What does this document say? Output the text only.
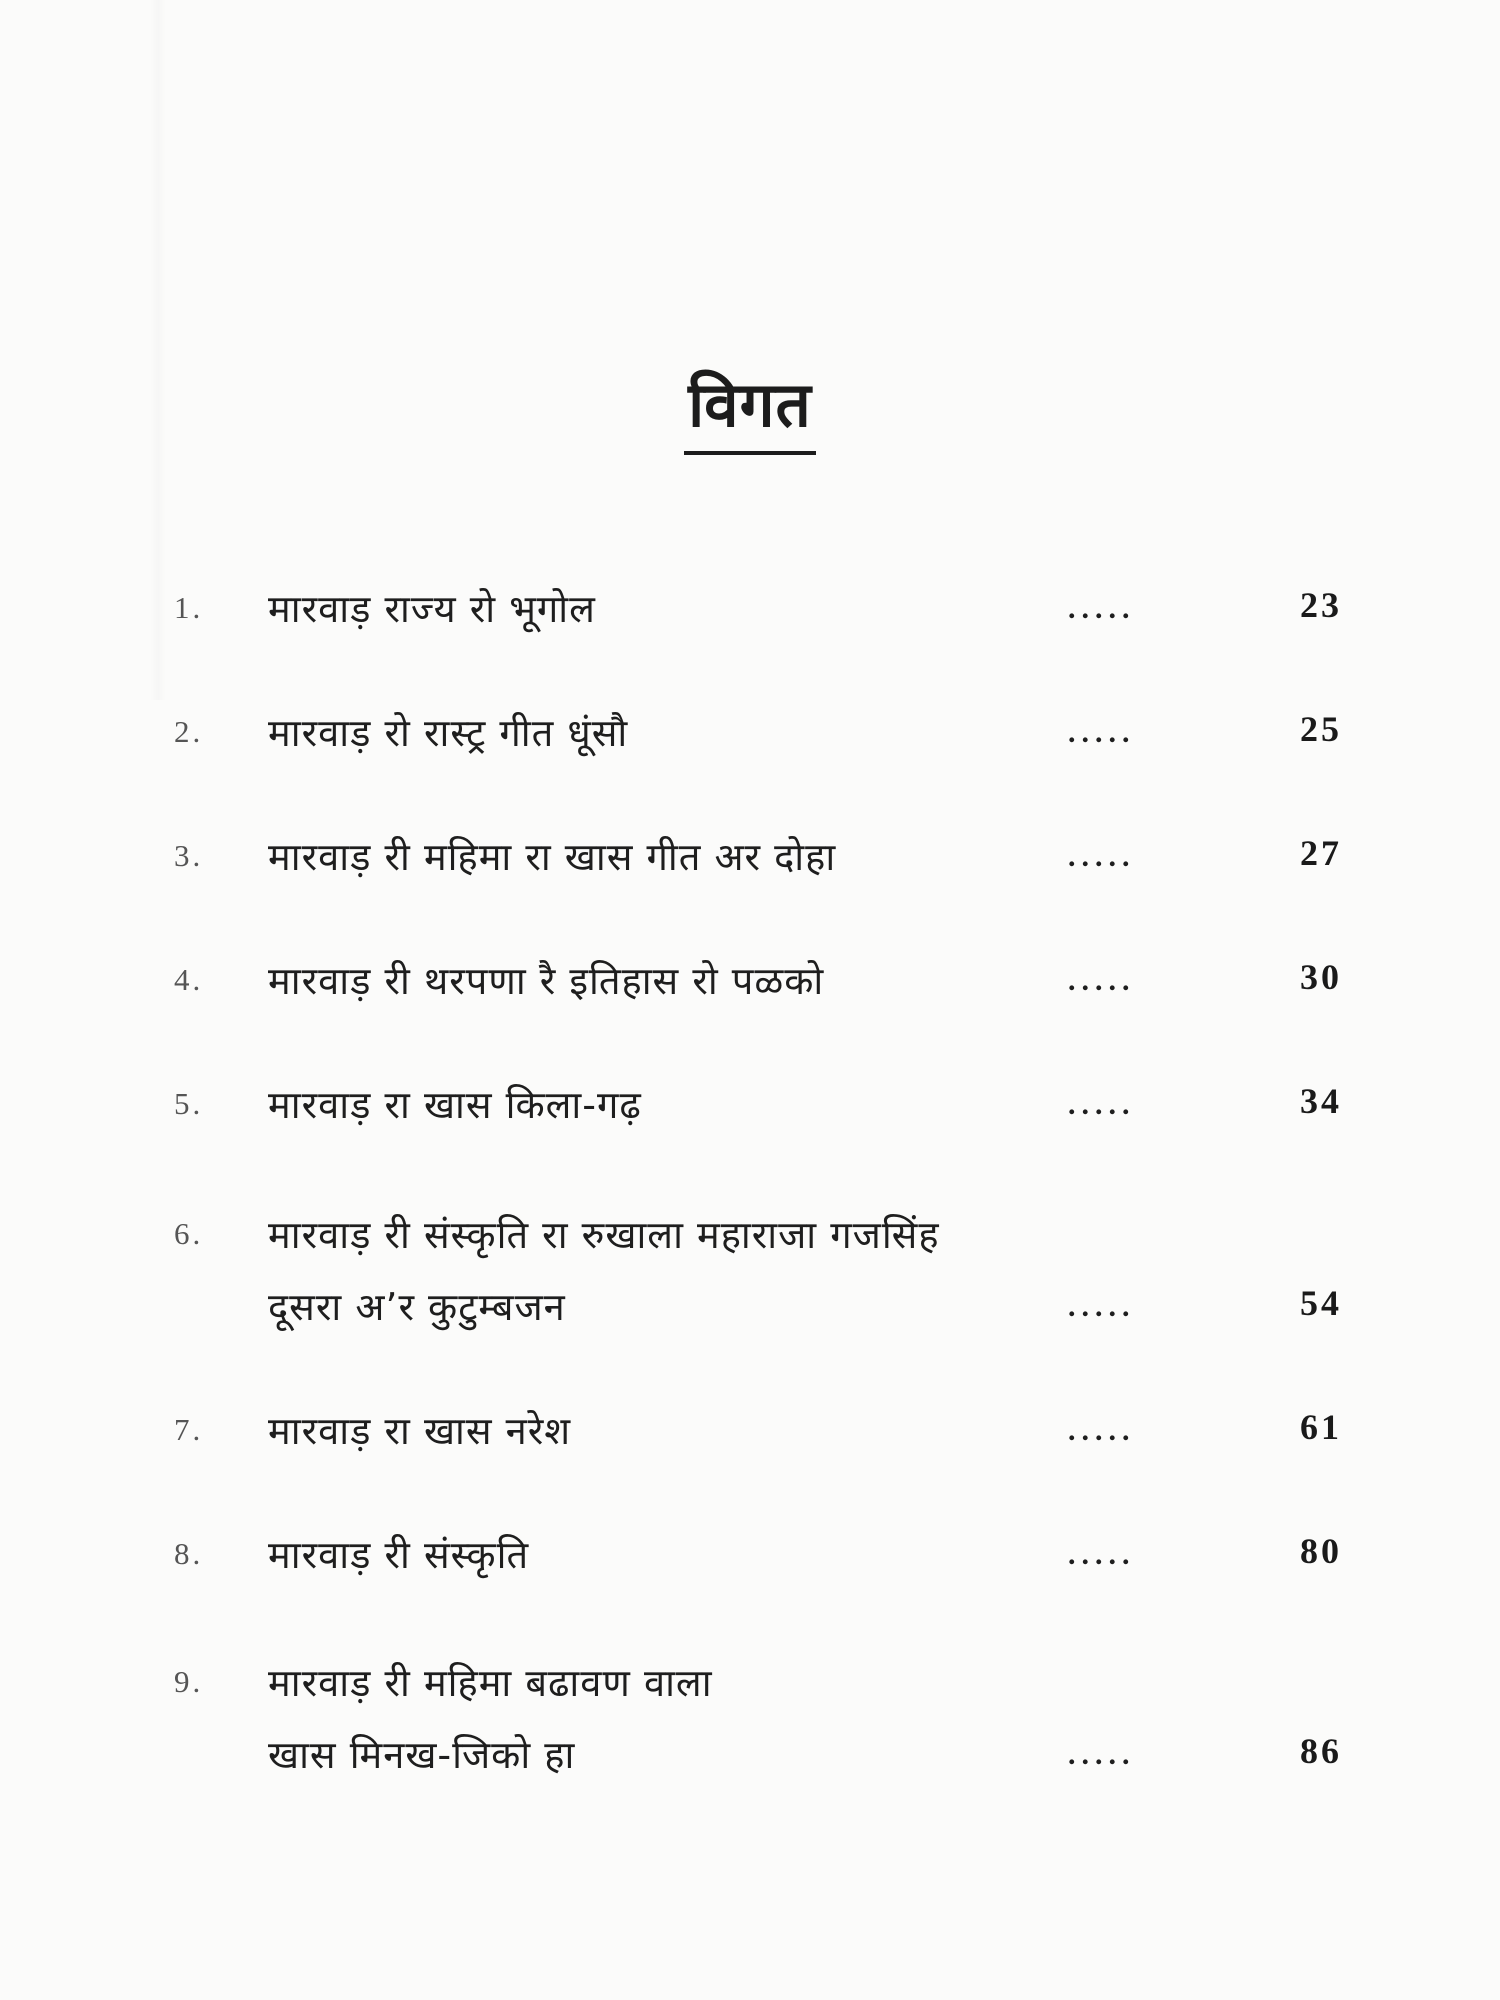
विगत
1.	मारवाड़ राज्य रो भूगोल	.....	23
2.	मारवाड़ रो रास्ट्र गीत धूंसौ	.....	25
3.	मारवाड़ री महिमा रा खास गीत अर दोहा	.....	27
4.	मारवाड़ री थरपणा रै इतिहास रो पळको	.....	30
5.	मारवाड़ रा खास किला-गढ़	.....	34
6.	मारवाड़ री संस्कृति रा रुखाला महाराजा गजसिंह
दूसरा अ’र कुटुम्बजन	.....	54
7.	मारवाड़ रा खास नरेश	.....	61
8.	मारवाड़ री संस्कृति	.....	80
9.	मारवाड़ री महिमा बढावण वाला
खास मिनख-जिको हा	.....	86
